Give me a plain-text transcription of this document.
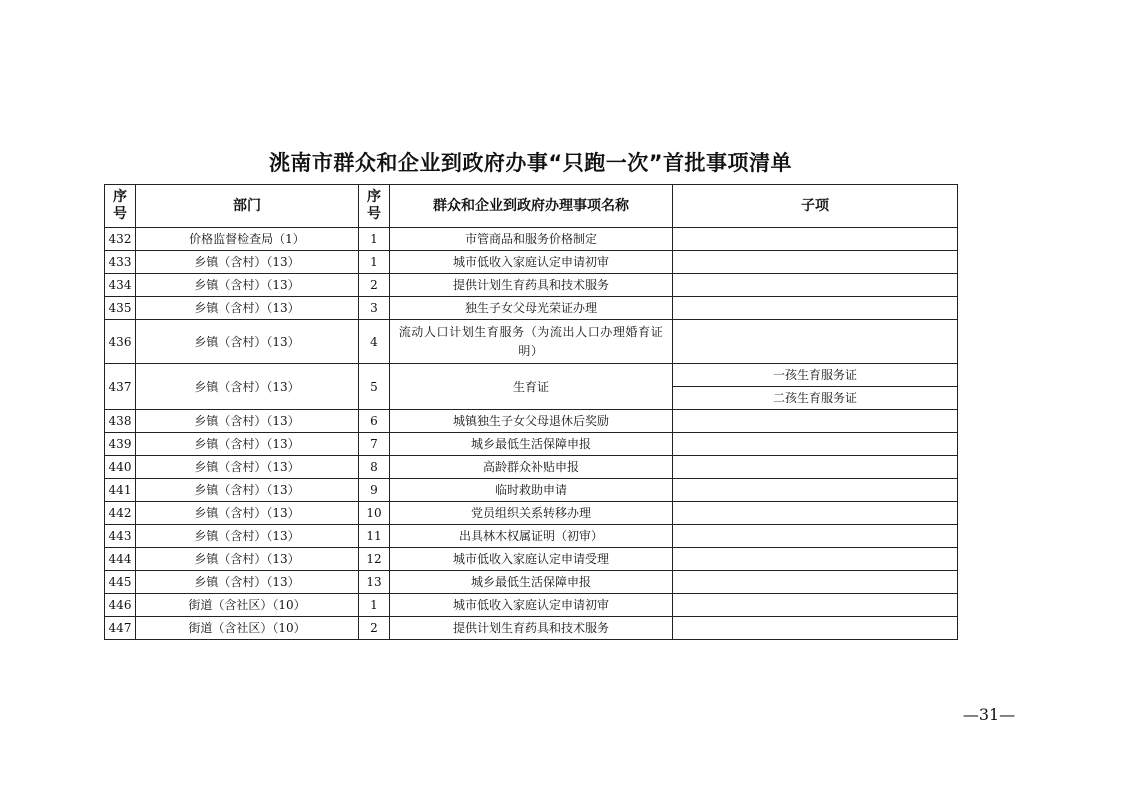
洮南市群众和企业到政府办事“只跑一次”首批事项清单
序号	部门	序号	群众和企业到政府办理事项名称	子项
432	价格监督检查局（1）	1	市管商品和服务价格制定	
433	乡镇（含村）（13）	1	城市低收入家庭认定申请初审	
434	乡镇（含村）（13）	2	提供计划生育药具和技术服务	
435	乡镇（含村）（13）	3	独生子女父母光荣证办理	
436	乡镇（含村）（13）	4	流动人口计划生育服务（为流出人口办理婚育证明）	
437	乡镇（含村）（13）	5	生育证	一孩生育服务证
				二孩生育服务证
438	乡镇（含村）（13）	6	城镇独生子女父母退休后奖励	
439	乡镇（含村）（13）	7	城乡最低生活保障申报	
440	乡镇（含村）（13）	8	高龄群众补贴申报	
441	乡镇（含村）（13）	9	临时救助申请	
442	乡镇（含村）（13）	10	党员组织关系转移办理	
443	乡镇（含村）（13）	11	出具林木权属证明（初审）	
444	乡镇（含村）（13）	12	城市低收入家庭认定申请受理	
445	乡镇（含村）（13）	13	城乡最低生活保障申报	
446	街道（含社区）（10）	1	城市低收入家庭认定申请初审	
447	街道（含社区）（10）	2	提供计划生育药具和技术服务	
—31—
